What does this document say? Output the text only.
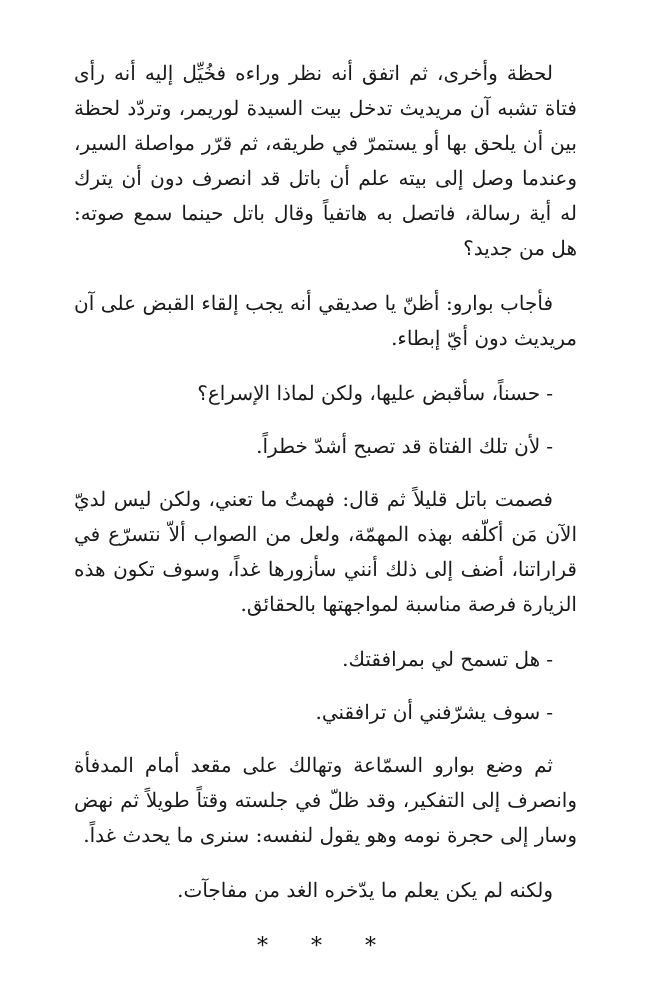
لحظة وأخرى، ثم اتفق أنه نظر وراءه فخُيِّل إليه أنه رأى فتاة تشبه آن مريديث تدخل بيت السيدة لوريمر، وتردّد لحظة بين أن يلحق بها أو يستمرّ في طريقه، ثم قرّر مواصلة السير، وعندما وصل إلى بيته علم أن باتل قد انصرف دون أن يترك له أية رسالة، فاتصل به هاتفياً وقال باتل حينما سمع صوته: هل من جديد؟

فأجاب بوارو: أظنّ يا صديقي أنه يجب إلقاء القبض على آن مريديث دون أيّ إبطاء.

-حسناً، سأقبض عليها، ولكن لماذا الإسراع؟

-لأن تلك الفتاة قد تصبح أشدّ خطراً.

فصمت باتل قليلاً ثم قال: فهمتُ ما تعني، ولكن ليس لديّ الآن مَن أكلّفه بهذه المهمّة، ولعل من الصواب ألاّ نتسرّع في قراراتنا، أضف إلى ذلك أنني سأزورها غداً، وسوف تكون هذه الزيارة فرصة مناسبة لمواجهتها بالحقائق.

-هل تسمح لي بمرافقتك.

-سوف يشرّفني أن ترافقني.

ثم وضع بوارو السمّاعة وتهالك على مقعد أمام المدفأة وانصرف إلى التفكير، وقد ظلّ في جلسته وقتاً طويلاً ثم نهض وسار إلى حجرة نومه وهو يقول لنفسه: سنرى ما يحدث غداً.

ولكنه لم يكن يعلم ما يدّخره الغد من مفاجآت.

* * *
